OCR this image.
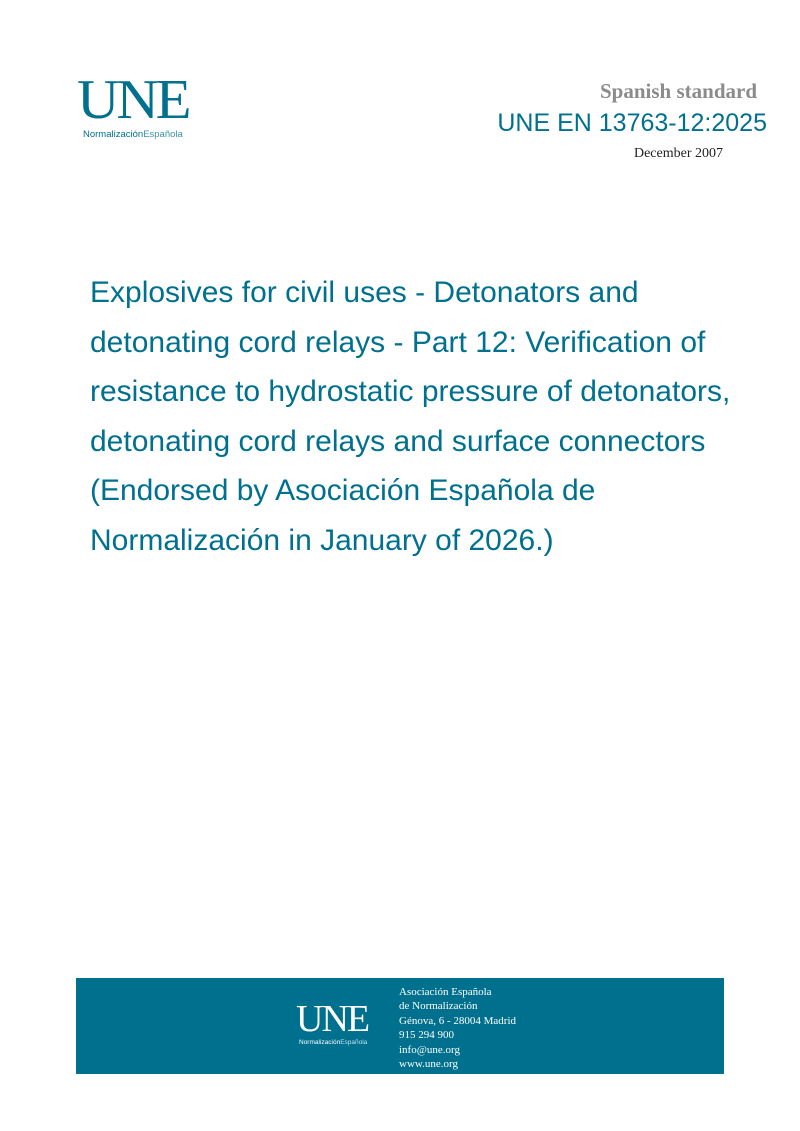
UNE
NormalizaciónEspañola
Spanish standard
UNE EN 13763-12:2025
December 2007
Explosives for civil uses - Detonators and detonating cord relays - Part 12: Verification of resistance to hydrostatic pressure of detonators, detonating cord relays and surface connectors (Endorsed by Asociación Española de Normalización in January of 2026.)
UNE
NormalizaciónEspañola
Asociación Española
de Normalización
Génova, 6 - 28004 Madrid
915 294 900
info@une.org
www.une.org
